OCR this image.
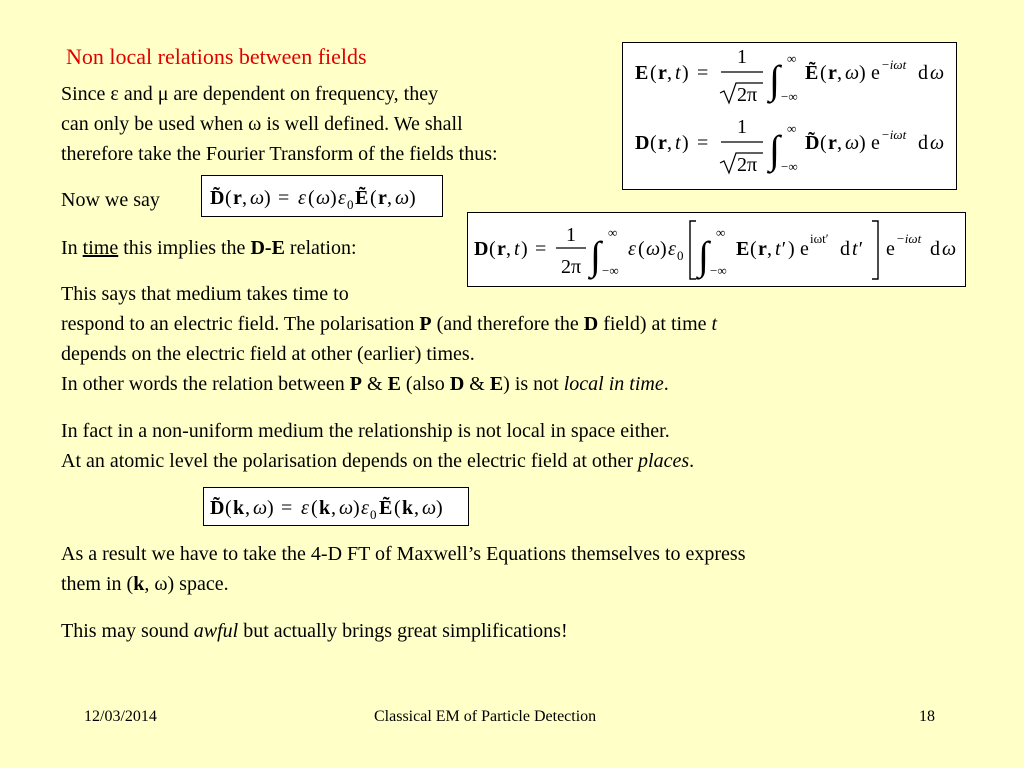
Non local relations between fields
Since ε and μ are dependent on frequency, they
can only be used when ω is well defined. We shall
therefore take the Fourier Transform of the fields thus:
E ( r , t ) =
1
2π ∫ ∞
−∞
Ẽ ( r , ω ) e −iωt d ω
D ( r , t ) =
1
2π ∫ ∞
−∞
D̃ ( r , ω ) e −iωt d ω
Now we say	D̃ ( r , ω ) = ε ( ω ) ε 0 Ẽ ( r , ω )
In time this implies the D-E relation:	D ( r , t ) =
1
2π ∫
∞
−∞
ε ( ω ) ε 0 ∫
∞
−∞
E ( r , t′ ) e iωt′ d t′ e −iωt d ω
This says that medium takes time to
respond to an electric field. The polarisation P (and therefore the D field) at time t
depends on the electric field at other (earlier) times.
In other words the relation between P & E (also D & E) is not local in time.
In fact in a non-uniform medium the relationship is not local in space either.
At an atomic level the polarisation depends on the electric field at other places.
D̃ ( k , ω ) = ε ( k , ω ) ε 0 Ẽ ( k , ω )
As a result we have to take the 4-D FT of Maxwell’s Equations themselves to express
them in (k, ω) space.
This may sound awful but actually brings great simplifications!
12/03/2014	Classical EM of Particle Detection	18
